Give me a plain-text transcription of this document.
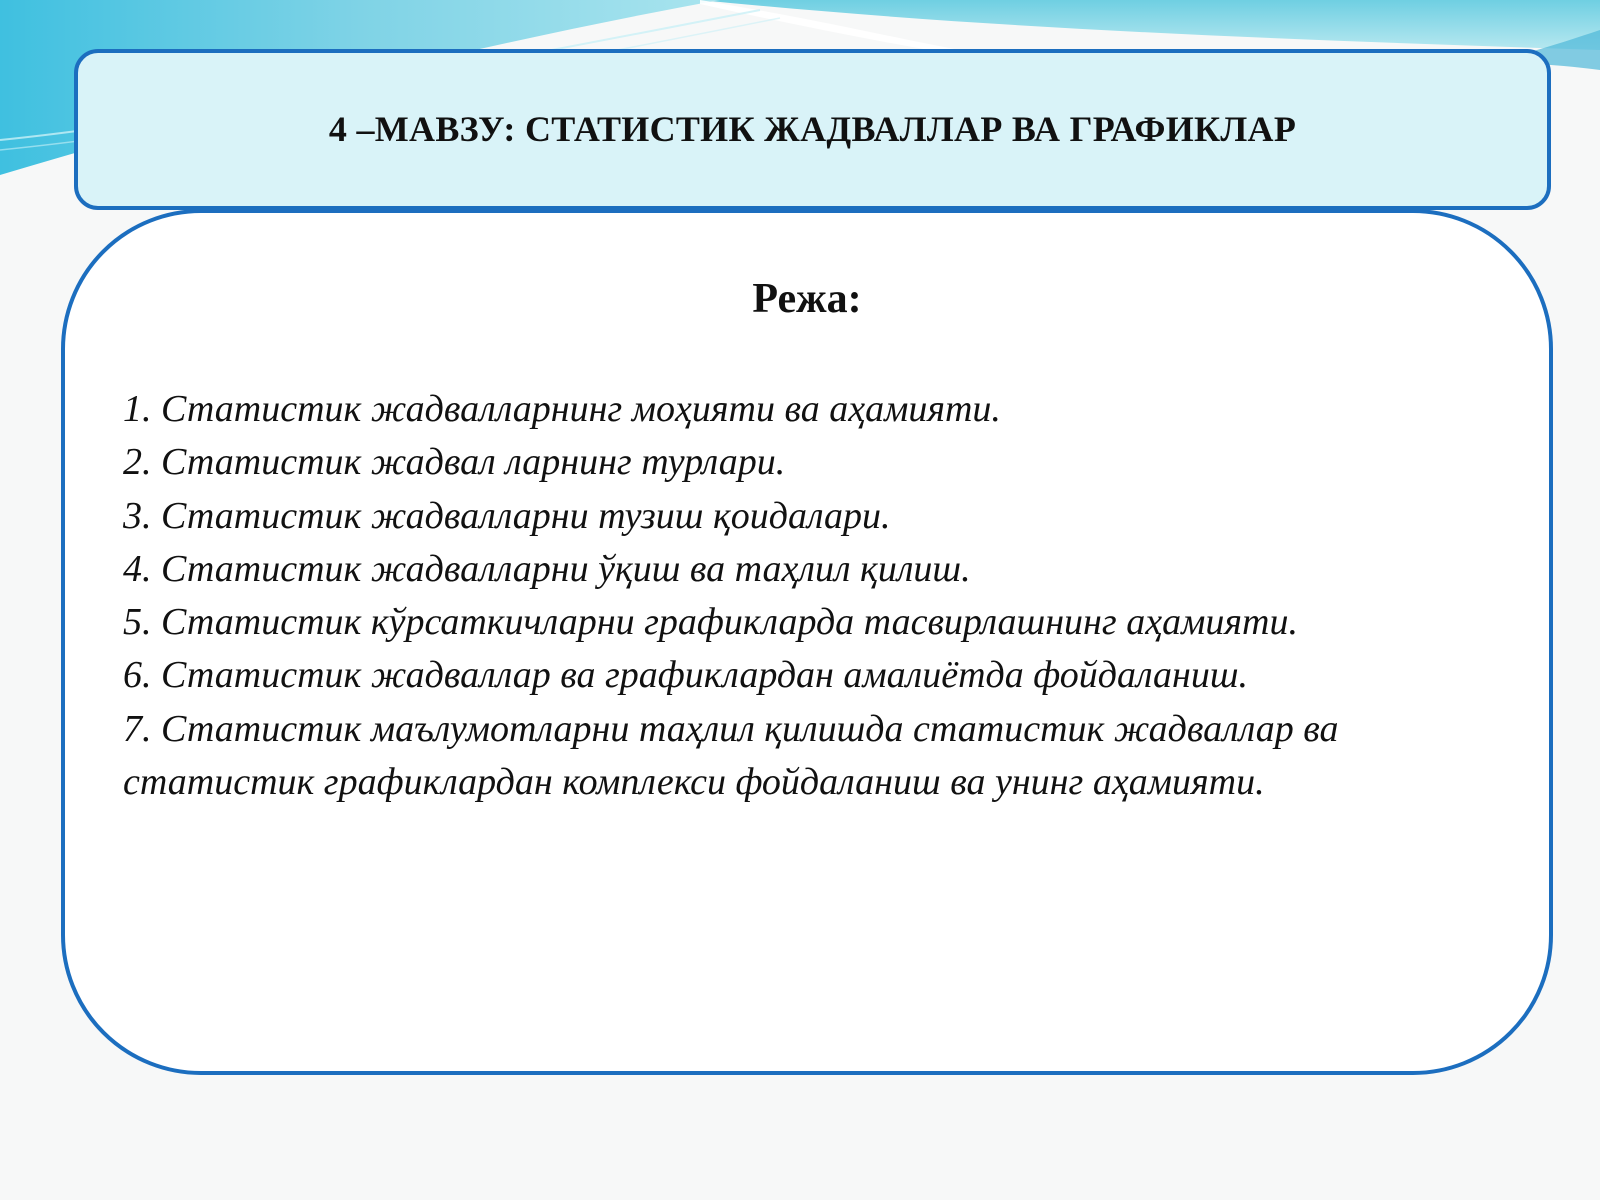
4 –МАВЗУ: СТАТИСТИК ЖАДВАЛЛАР ВА ГРАФИКЛАР
Режа:
1. Статистик жадвалларнинг моҳияти ва аҳамияти.
2. Статистик жадвал ларнинг турлари.
3. Статистик жадвалларни тузиш қоидалари.
4. Статистик жадвалларни ўқиш ва таҳлил қилиш.
5. Статистик кўрсаткичларни графикларда тасвирлашнинг аҳамияти.
6. Статистик жадваллар ва графиклардан амалиётда фойдаланиш.
7. Статистик маълумотларни таҳлил қилишда статистик жадваллар ва статистик графиклардан комплекси фойдаланиш ва унинг аҳамияти.
